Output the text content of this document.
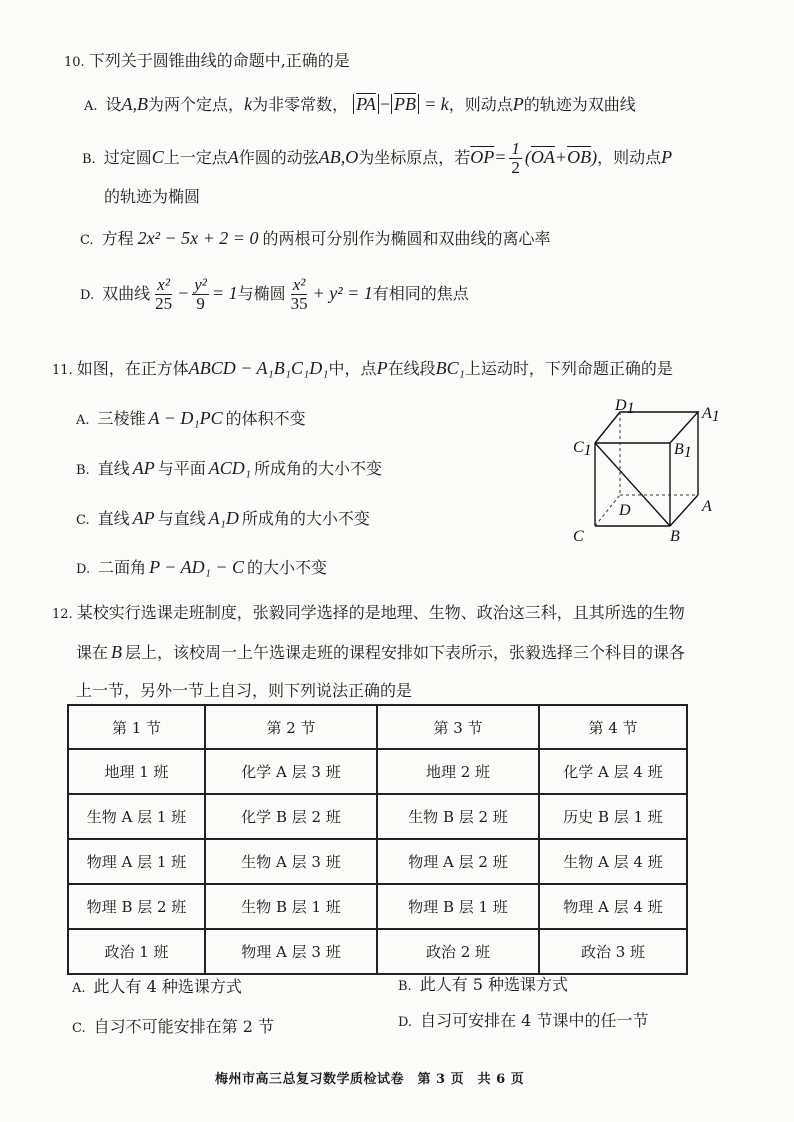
10. 下列关于圆锥曲线的命题中,正确的是
A. 设A,B为两个定点，k为非零常数， $\overline{PA} - \overline{PB} = k$，则动点P的轨迹为双曲线
B. 过定圆C上一定点A作圆的动弦AB,O为坐标原点，若$\overline{OP}= \frac{1}{2} (\overline{OA}+\overline{OB})$，则动点P
的轨迹为椭圆
C. 方程 2x² − 5x + 2 = 0 的两根可分别作为椭圆和双曲线的离心率
D. 双曲线 $\frac{\text{x²}}{25} - \frac{\text{y²}}{9} = 1$与椭圆 $\frac{\text{x²}}{35} + y^2 = 1$有相同的焦点
11. 如图，在正方体ABCD − A₁B₁C₁D₁中，点P在线段BC₁上运动时，下列命题正确的是
A. 三棱锥 A − D₁PC 的体积不变
B. 直线 AP 与平面 ACD₁ 所成角的大小不变
C. 直线 AP 与直线 A₁D 所成角的大小不变
D. 二面角 P − AD₁ − C 的大小不变
D1	A1
C1	B1
D	A
C	B
12. 某校实行选课走班制度，张毅同学选择的是地理、生物、政治这三科，且其所选的生物
课在 B 层上，该校周一上午选课走班的课程安排如下表所示，张毅选择三个科目的课各
上一节，另外一节上自习，则下列说法正确的是
第 1 节	第 2 节	第 3 节	第 4 节
地理 1 班	化学 A 层 3 班	地理 2 班	化学 A 层 4 班
生物 A 层 1 班	化学 B 层 2 班	生物 B 层 2 班	历史 B 层 1 班
物理 A 层 1 班	生物 A 层 3 班	物理 A 层 2 班	生物 A 层 4 班
物理 B 层 2 班	生物 B 层 1 班	物理 B 层 1 班	物理 A 层 4 班
政治 1 班	物理 A 层 3 班	政治 2 班	政治 3 班
A. 此人有 4 种选课方式	B. 此人有 5 种选课方式
C. 自习不可能安排在第 2 节	D. 自习可安排在 4 节课中的任一节
梅州市高三总复习数学质检试卷　第 3 页　共 6 页
